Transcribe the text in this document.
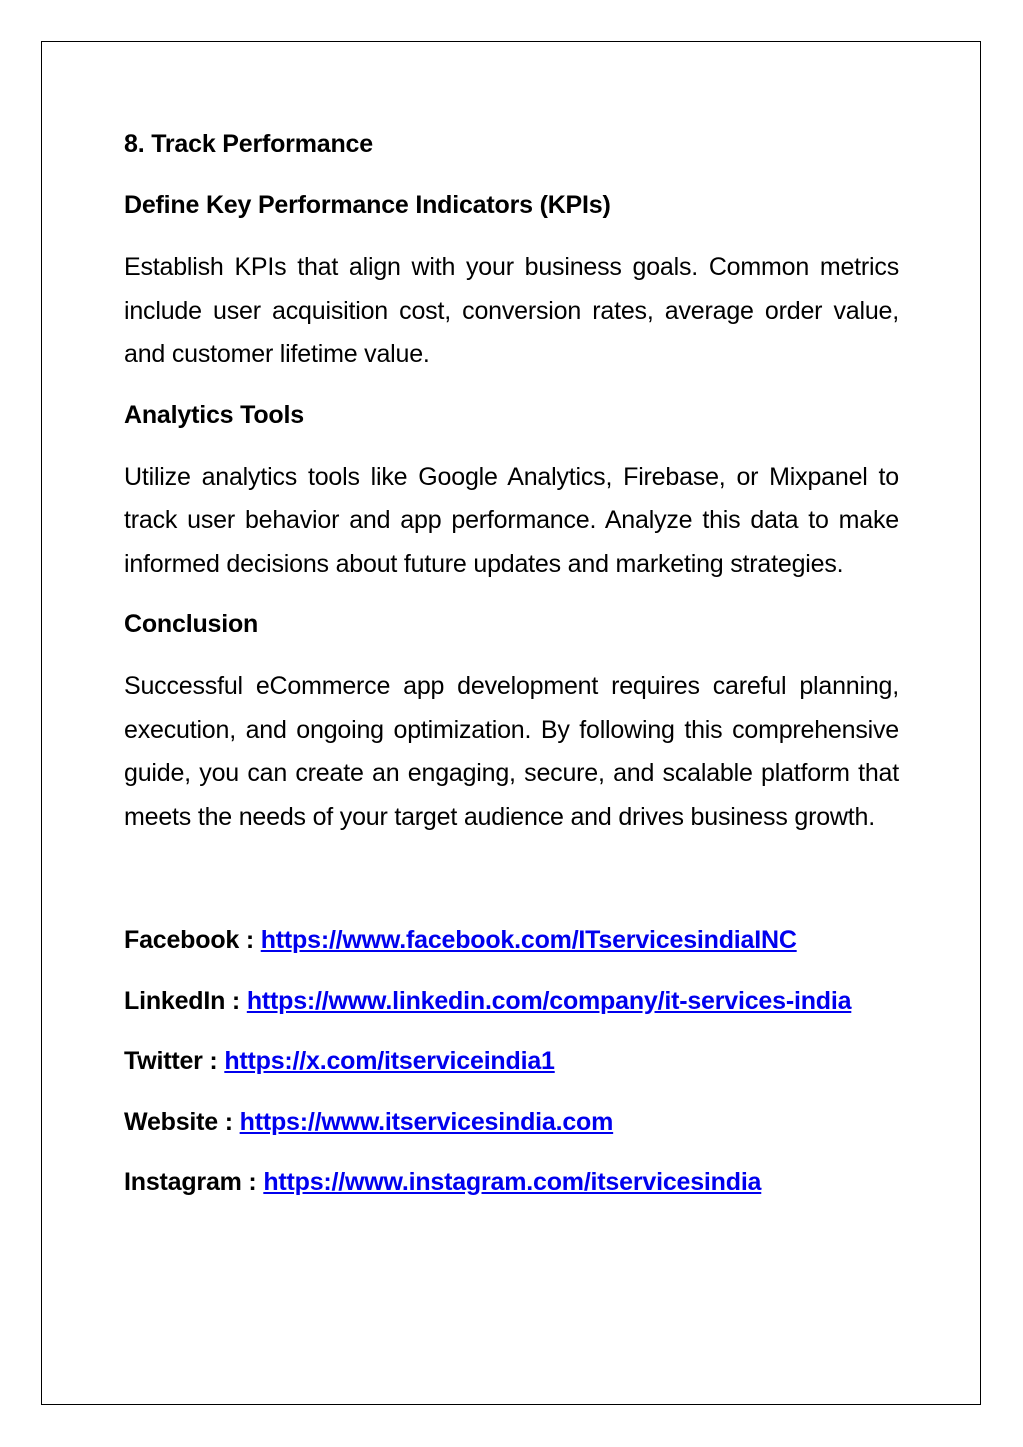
8. Track Performance
Define Key Performance Indicators (KPIs)
Establish KPIs that align with your business goals. Common metrics include user acquisition cost, conversion rates, average order value, and customer lifetime value.
Analytics Tools
Utilize analytics tools like Google Analytics, Firebase, or Mixpanel to track user behavior and app performance. Analyze this data to make informed decisions about future updates and marketing strategies.
Conclusion
Successful eCommerce app development requires careful planning, execution, and ongoing optimization. By following this comprehensive guide, you can create an engaging, secure, and scalable platform that meets the needs of your target audience and drives business growth.
Facebook : https://www.facebook.com/ITservicesindiaINC
LinkedIn : https://www.linkedin.com/company/it-services-india
Twitter : https://x.com/itserviceindia1
Website : https://www.itservicesindia.com
Instagram : https://www.instagram.com/itservicesindia
